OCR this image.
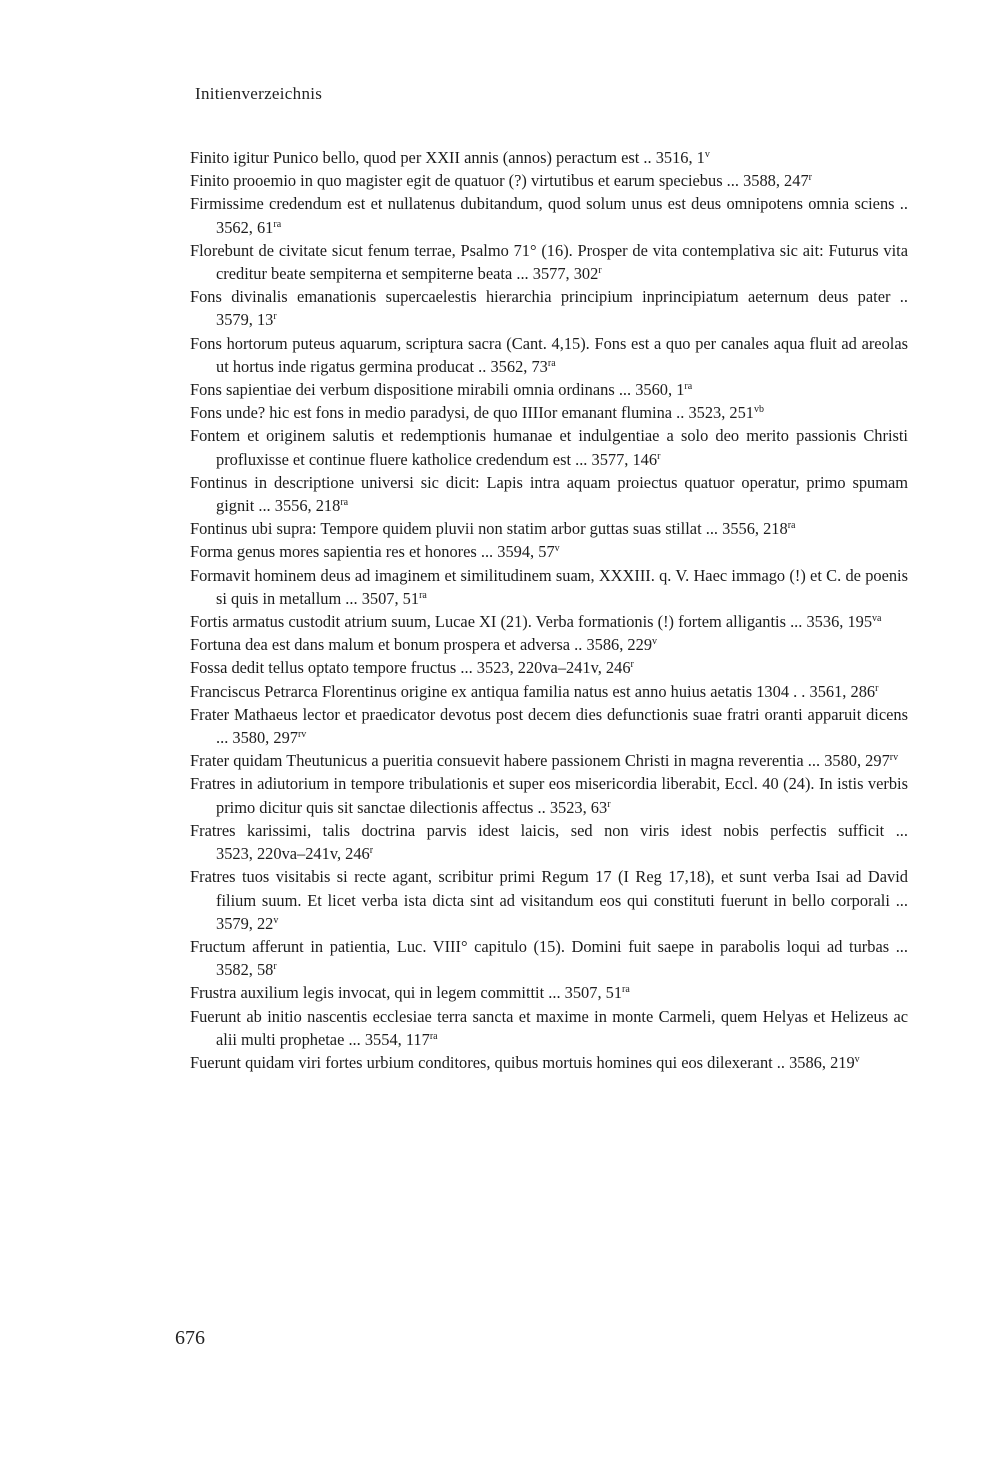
Initienverzeichnis
Finito igitur Punico bello, quod per XXII annis (annos) peractum est .. 3516, 1$^v$
Finito prooemio in quo magister egit de quatuor (?) virtutibus et earum speciebus ... 3588, 247$^r$
Firmissime credendum est et nullatenus dubitandum, quod solum unus est deus omnipotens omnia sciens .. 3562, $61^{ra}$
Florebunt de civitate sicut fenum terrae, Psalmo 71° (16). Prosper de vita contemplativa sic ait: Futurus vita creditur beate sempiterna et sempiterne beata ... 3577, 302$^r$
Fons divinalis emanationis supercaelestis hierarchia principium inprincipiatum aeternum deus pater .. 3579, 13$^r$
Fons hortorum puteus aquarum, scriptura sacra (Cant. 4,15). Fons est a quo per canales aqua fluit ad areolas ut hortus inde rigatus germina producat .. 3562, $73^{ra}$
Fons sapientiae dei verbum dispositione mirabili omnia ordinans ... 3560, $1^{ra}$
Fons unde? hic est fons in medio paradysi, de quo IIIIor emanant flumina .. 3523, $251^{vb}$
Fontem et originem salutis et redemptionis humanae et indulgentiae a solo deo merito passionis Christi profluxisse et continue fluere katholice credendum est ... 3577, 146$^r$
Fontinus in descriptione universi sic dicit: Lapis intra aquam proiectus quatuor operatur, primo spumam gignit ... 3556, $218^{ra}$
Fontinus ubi supra: Tempore quidem pluvii non statim arbor guttas suas stillat ... 3556, $218^{ra}$
Forma genus mores sapientia res et honores ... 3594, 57$^v$
Formavit hominem deus ad imaginem et similitudinem suam, XXXIII. q. V. Haec immago (!) et C. de poenis si quis in metallum ... 3507, $51^{ra}$
Fortis armatus custodit atrium suum, Lucae XI (21). Verba formationis (!) fortem alligantis ... 3536, $195^{va}$
Fortuna dea est dans malum et bonum prospera et adversa .. 3586, 229$^v$
Fossa dedit tellus optato tempore fructus ... 3523, 220va–241v, 246$^r$
Franciscus Petrarca Florentinus origine ex antiqua familia natus est anno huius aetatis 1304 . . 3561, 286$^r$
Frater Mathaeus lector et praedicator devotus post decem dies defunctionis suae fratri oranti apparuit dicens ... 3580, $297^{rv}$
Frater quidam Theutunicus a pueritia consuevit habere passionem Christi in magna reverentia ... 3580, $297^{rv}$
Fratres in adiutorium in tempore tribulationis et super eos misericordia liberabit, Eccl. 40 (24). In istis verbis primo dicitur quis sit sanctae dilectionis affectus .. 3523, 63$^r$
Fratres karissimi, talis doctrina parvis idest laicis, sed non viris idest nobis perfectis sufficit ... 3523, 220va–241v, 246$^r$
Fratres tuos visitabis si recte agant, scribitur primi Regum 17 (I Reg 17,18), et sunt verba Isai ad David filium suum. Et licet verba ista dicta sint ad visitandum eos qui constituti fuerunt in bello corporali ... 3579, 22$^v$
Fructum afferunt in patientia, Luc. VIII° capitulo (15). Domini fuit saepe in parabolis loqui ad turbas ... 3582, 58$^r$
Frustra auxilium legis invocat, qui in legem committit ... 3507, $51^{ra}$
Fuerunt ab initio nascentis ecclesiae terra sancta et maxime in monte Carmeli, quem Helyas et Helizeus ac alii multi prophetae ... 3554, $117^{ra}$
Fuerunt quidam viri fortes urbium conditores, quibus mortuis homines qui eos dilexerant .. 3586, 219$^v$
676
